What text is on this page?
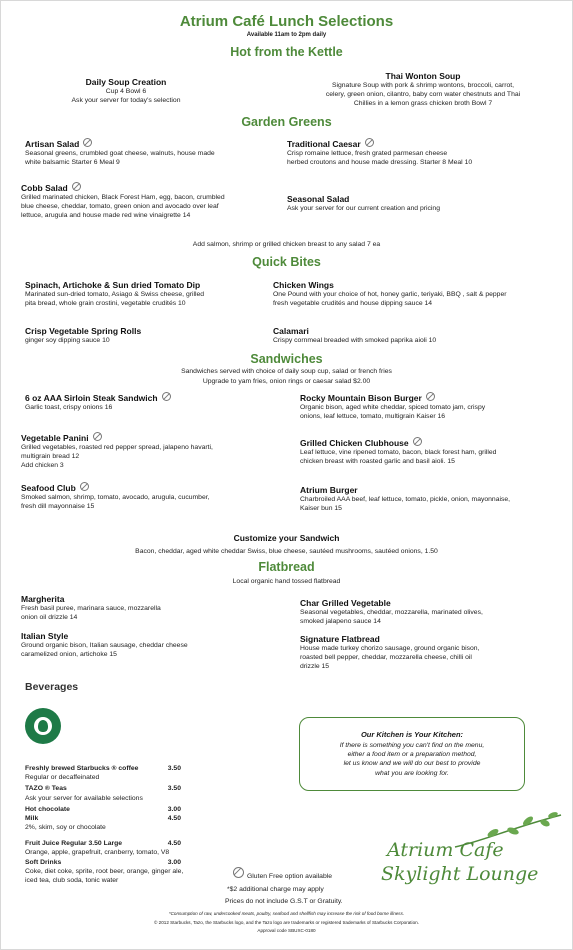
Atrium Café Lunch Selections
Available 11am to 2pm daily
Hot from the Kettle
Daily Soup Creation
Cup 4 Bowl 6
Ask your server for today's selection
Thai Wonton Soup
Signature Soup with pork & shrimp wontons, broccoli, carrot,
celery, green onion, cilantro, baby corn water chestnuts and Thai
Chillies in a lemon grass chicken broth Bowl 7
Garden Greens
Artisan Salad
Seasonal greens, crumbled goat cheese, walnuts, house made
white balsamic Starter 6 Meal 9
Traditional Caesar
Crisp romaine lettuce, fresh grated parmesan cheese
herbed croutons and house made dressing. Starter 8 Meal 10
Cobb Salad
Grilled marinated chicken, Black Forest Ham, egg, bacon, crumbled
blue cheese, cheddar, tomato, green onion and avocado over leaf
lettuce, arugula and house made red wine vinaigrette 14
Seasonal Salad
Ask your server for our current creation and pricing
Add salmon, shrimp or grilled chicken breast to any salad 7 ea
Quick Bites
Spinach, Artichoke & Sun dried Tomato Dip
Marinated sun-dried tomato, Asiago & Swiss cheese, grilled
pita bread, whole grain crostini, vegetable crudités 10
Chicken Wings
One Pound with your choice of hot, honey garlic, teriyaki, BBQ , salt & pepper
fresh vegetable crudités and house dipping sauce 14
Crisp Vegetable Spring Rolls
ginger soy dipping sauce 10
Calamari
Crispy cornmeal breaded with smoked paprika aioli 10
Sandwiches
Sandwiches served with choice of daily soup cup, salad or french fries
Upgrade to yam fries, onion rings or caesar salad $2.00
6 oz AAA Sirloin Steak Sandwich
Garlic toast, crispy onions 16
Rocky Mountain Bison Burger
Organic bison, aged white cheddar, spiced tomato jam, crispy
onions, leaf lettuce, tomato, multigrain Kaiser 16
Vegetable Panini
Grilled vegetables, roasted red pepper spread, jalapeno havarti,
multigrain bread 12
Add chicken 3
Grilled Chicken Clubhouse
Leaf lettuce, vine ripened tomato, bacon, black forest ham, grilled
chicken breast with roasted garlic and basil aioli. 15
Seafood Club
Smoked salmon, shrimp, tomato, avocado, arugula, cucumber,
fresh dill mayonnaise 15
Atrium Burger
Charbroiled AAA beef, leaf lettuce, tomato, pickle, onion, mayonnaise,
Kaiser bun 15
Customize your Sandwich
Bacon, cheddar, aged white cheddar Swiss, blue cheese, sautéed mushrooms, sautéed onions, 1.50
Flatbread
Local organic hand tossed flatbread
Margherita
Fresh basil puree, marinara sauce, mozzarella
onion oil drizzle 14
Italian Style
Ground organic bison, Italian sausage, cheddar cheese
caramelized onion, artichoke 15
Char Grilled Vegetable
Seasonal vegetables, cheddar, mozzarella, marinated olives,
smoked jalapeno sauce 14
Signature Flatbread
House made turkey chorizo sausage, ground organic bison,
roasted bell pepper, cheddar, mozzarella cheese, chilli oil
drizzle 15
Beverages
Freshly brewed Starbucks ® coffee	3.50
Regular or decaffeinated
TAZO ® Teas	3.50
Ask your server for available selections
Hot chocolate	3.00
Milk	4.50
2%, skim, soy or chocolate
Fruit Juice Regular 3.50 Large	4.50
Orange, apple, grapefruit, cranberry, tomato, V8
Soft Drinks	3.00
Coke, diet coke, sprite, root beer, orange, ginger ale,
iced tea, club soda, tonic water
Our Kitchen is Your Kitchen:
If there is something you can't find on the menu,
either a food item or a preparation method,
let us know and we will do our best to provide
what you are looking for.
Atrium Cafe
Skylight Lounge
Gluten Free option available
*$2 additional charge may apply
Prices do not include G.S.T or Gratuity.
*Consumption of raw, undercooked meats, poultry, seafood and shellfish may increase the risk of food borne illness.
© 2012 Starbucks, Tazo, the Starbucks logo, and the Tazo logo are trademarks or registered trademarks of Starbucks Corporation.
Approval code SBUXC-0180
